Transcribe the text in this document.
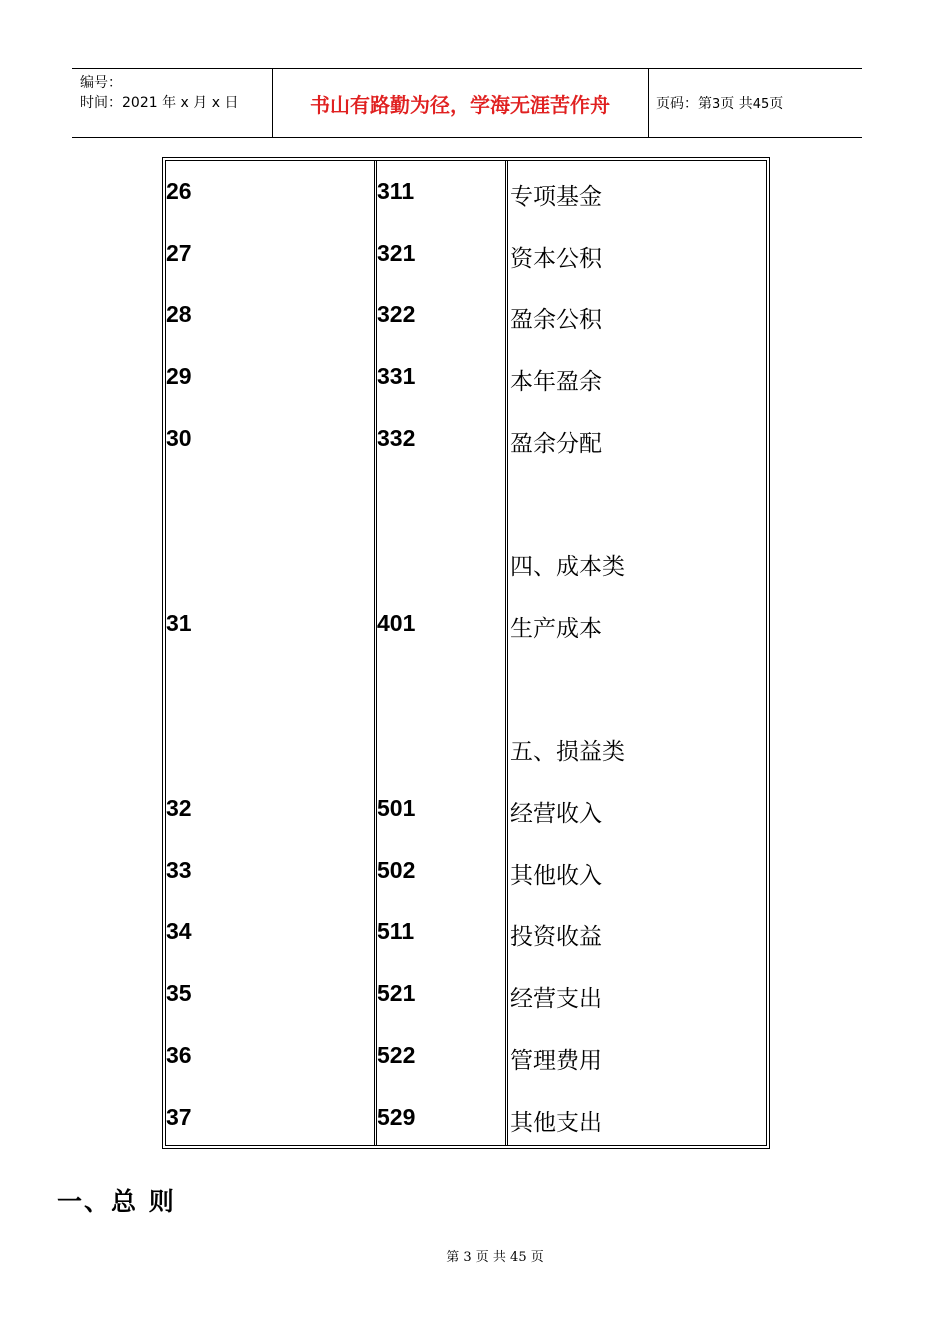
编号：
时间：2021 年 x 月 x 日	书山有路勤为径，学海无涯苦作舟	页码：第3页 共45页
26	311	专项基金
27	321	资本公积
28	322	盈余公积
29	331	本年盈余
30	332	盈余分配
四、成本类
31	401	生产成本
五、损益类
32	501	经营收入
33	502	其他收入
34	511	投资收益
35	521	经营支出
36	522	管理费用
37	529	其他支出
一、总 则
第 3 页 共 45 页
